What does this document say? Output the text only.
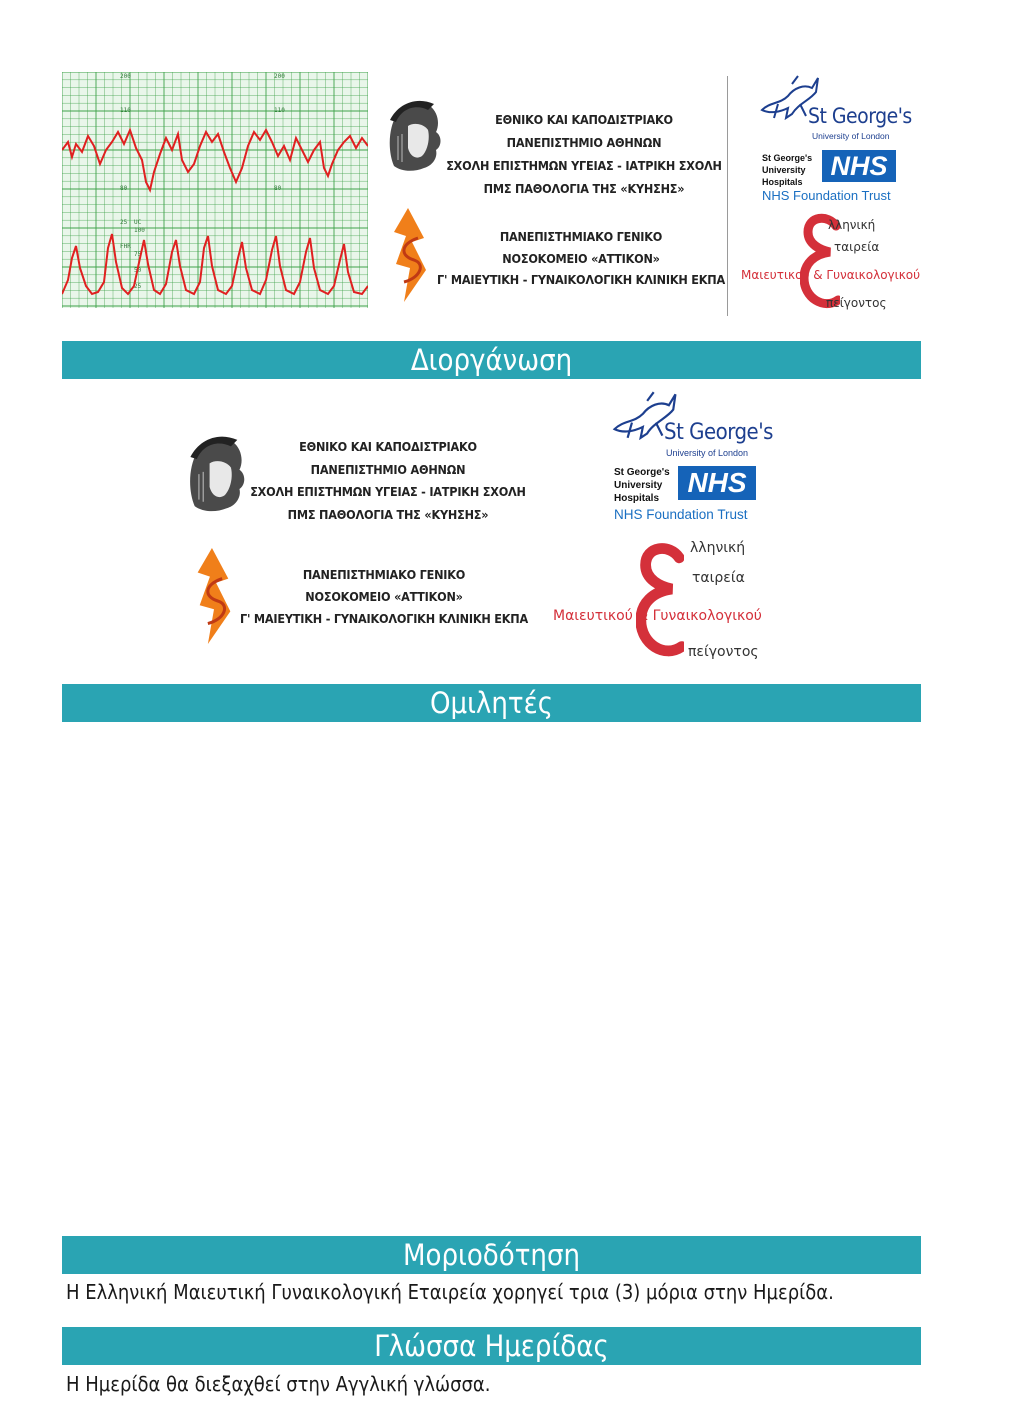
200	200
110	110
80	80
25 UC
100
FHR
75
50
25
ΕΘΝΙΚΟ ΚΑΙ ΚΑΠΟΔΙΣΤΡΙΑΚΟ
ΠΑΝΕΠΙΣΤΗΜΙΟ ΑΘΗΝΩΝ
ΣΧΟΛΗ ΕΠΙΣΤΗΜΩΝ ΥΓΕΙΑΣ - ΙΑΤΡΙΚΗ ΣΧΟΛΗ
ΠΜΣ ΠΑΘΟΛΟΓΙΑ ΤΗΣ «ΚΥΗΣΗΣ»
ΠΑΝΕΠΙΣΤΗΜΙΑΚΟ ΓΕΝΙΚΟ
ΝΟΣΟΚΟΜΕΙΟ «ΑΤΤΙΚΟΝ»
Γ' ΜΑΙΕΥΤΙΚΗ - ΓΥΝΑΙΚΟΛΟΓΙΚΗ ΚΛΙΝΙΚΗ ΕΚΠΑ
St George's
University of London
St George's
University
Hospitals
NHS
NHS Foundation Trust
λληνική
ταιρεία
Μαιευτικού & Γυναικολογικού
πείγοντος
Διοργάνωση
ΕΘΝΙΚΟ ΚΑΙ ΚΑΠΟΔΙΣΤΡΙΑΚΟ
ΠΑΝΕΠΙΣΤΗΜΙΟ ΑΘΗΝΩΝ
ΣΧΟΛΗ ΕΠΙΣΤΗΜΩΝ ΥΓΕΙΑΣ - ΙΑΤΡΙΚΗ ΣΧΟΛΗ
ΠΜΣ ΠΑΘΟΛΟΓΙΑ ΤΗΣ «ΚΥΗΣΗΣ»
ΠΑΝΕΠΙΣΤΗΜΙΑΚΟ ΓΕΝΙΚΟ
ΝΟΣΟΚΟΜΕΙΟ «ΑΤΤΙΚΟΝ»
Γ' ΜΑΙΕΥΤΙΚΗ - ΓΥΝΑΙΚΟΛΟΓΙΚΗ ΚΛΙΝΙΚΗ ΕΚΠΑ
St George's
University of London
St George's
University
Hospitals
NHS
NHS Foundation Trust
λληνική
ταιρεία
Μαιευτικού & Γυναικολογικού
πείγοντος
Ομιλητές
Μοριοδότηση
Η Ελληνική Μαιευτική Γυναικολογική Εταιρεία χορηγεί τρια (3) μόρια στην Ημερίδα.
Γλώσσα Ημερίδας
Η Ημερίδα θα διεξαχθεί στην Αγγλική γλώσσα.
